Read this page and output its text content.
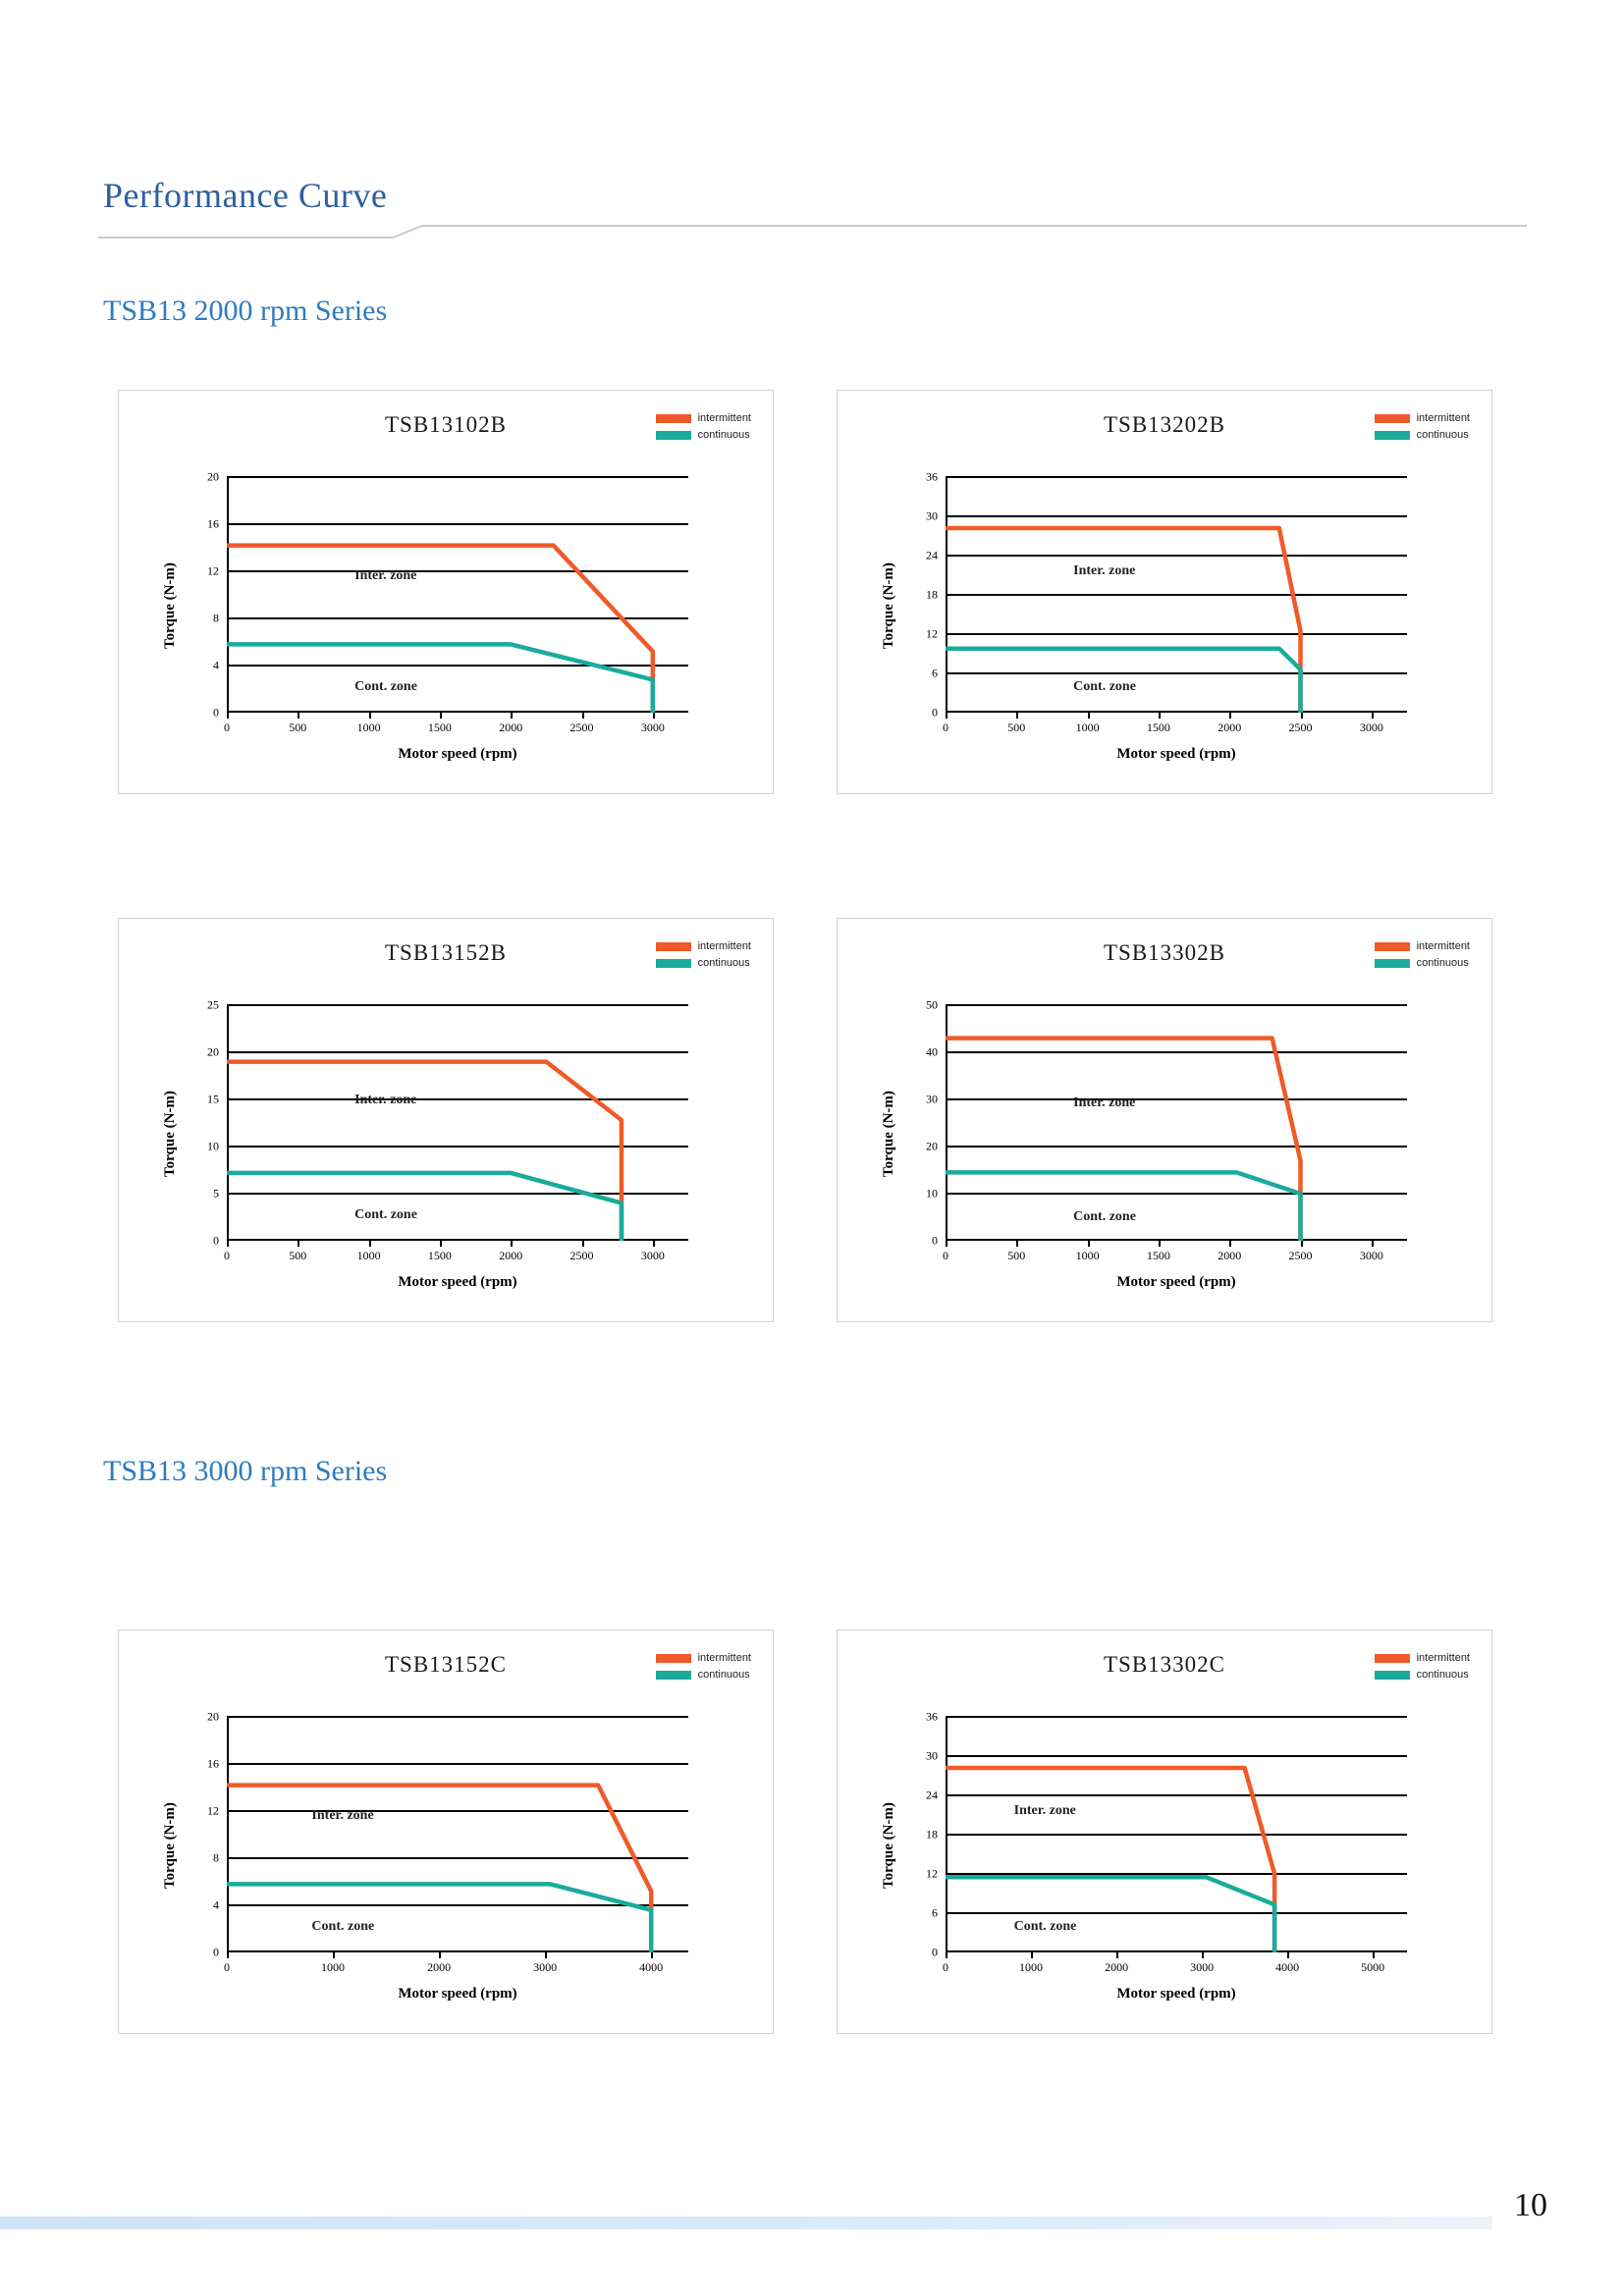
Performance Curve
TSB13 2000 rpm Series
TSB13 3000 rpm Series
TSB13102B	intermittent
continuous
0
4
8
12
16
20
0	500	1000	1500	2000	2500	3000
Inter. zone
Cont. zone
Torque (N-m)
Motor speed (rpm)
TSB13202B	intermittent
continuous
0
6
12
18
24
30
36
0	500	1000	1500	2000	2500	3000
Inter. zone
Cont. zone
Torque (N-m)
Motor speed (rpm)
TSB13152B	intermittent
continuous
0
5
10
15
20
25
0	500	1000	1500	2000	2500	3000
Inter. zone
Cont. zone
Torque (N-m)
Motor speed (rpm)
TSB13302B	intermittent
continuous
0
10
20
30
40
50
0	500	1000	1500	2000	2500	3000
Inter. zone
Cont. zone
Torque (N-m)
Motor speed (rpm)
TSB13152C	intermittent
continuous
0
4
8
12
16
20
0	1000	2000	3000	4000
Inter. zone
Cont. zone
Torque (N-m)
Motor speed (rpm)
TSB13302C	intermittent
continuous
0
6
12
18
24
30
36
0	1000	2000	3000	4000	5000
Inter. zone
Cont. zone
Torque (N-m)
Motor speed (rpm)
10
